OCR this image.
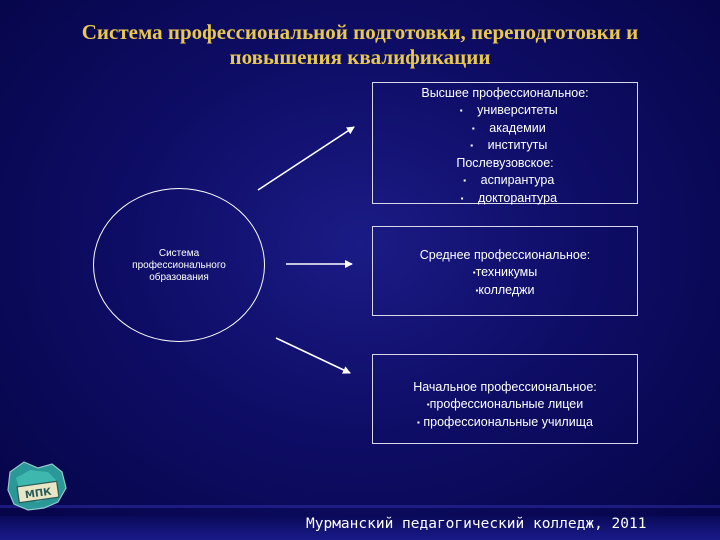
Система профессиональной подготовки, переподготовки и
повышения квалификации
Система
профессионального
образования
Высшее профессиональное:
▪ университеты
▪ академии
▪ институты
Послевузовское:
▪ аспирантура
▪ докторантура
Среднее профессиональное:
▪техникумы
▪колледжи
Начальное профессиональное:
▪профессиональные лицеи
▪ профессиональные училища
МПК
Мурманский педагогический колледж, 2011
